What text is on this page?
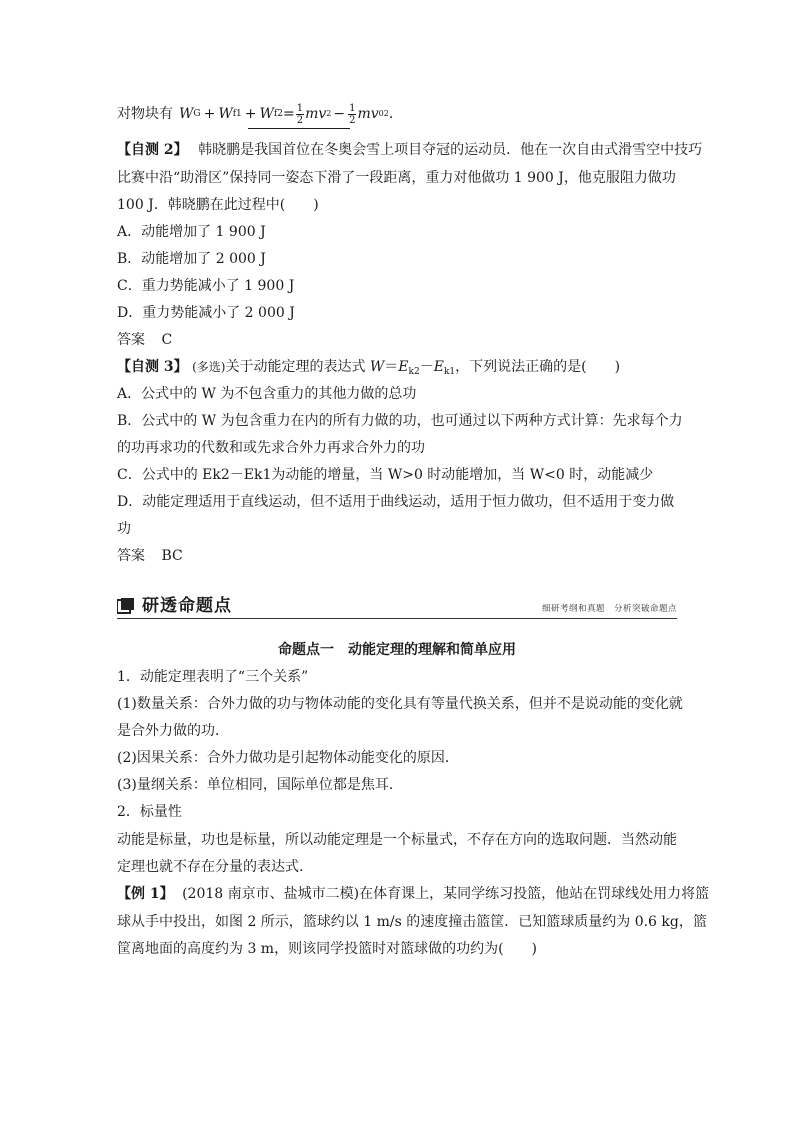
对物块有 W G + W f1 + W $f2 = \frac{1}{2}$ mv $2 - \frac{1}{2}$ mv 0 2 .
【自测 2】 韩晓鹏是我国首位在冬奥会雪上项目夺冠的运动员．他在一次自由式滑雪空中技巧
比赛中沿“助滑区”保持同一姿态下滑了一段距离，重力对他做功 1 900 J，他克服阻力做功
100 J．韩晓鹏在此过程中(　　)
A．动能增加了 1 900 J
B．动能增加了 2 000 J
C．重力势能减小了 1 900 J
D．重力势能减小了 2 000 J
答案 C
【自测 3】 (多选)关于动能定理的表达式 $W=E_{k2}-E_{k1}$，下列说法正确的是(　　)
A．公式中的 W 为不包含重力的其他力做的总功
B．公式中的 W 为包含重力在内的所有力做的功，也可通过以下两种方式计算：先求每个力
的功再求功的代数和或先求合外力再求合外力的功
C．公式中的 Ek2－Ek1为动能的增量，当 W>0 时动能增加，当 W<0 时，动能减少
D．动能定理适用于直线运动，但不适用于曲线运动，适用于恒力做功，但不适用于变力做
功
答案 BC
研透命题点	细研考纲和真题　分析突破命题点
命题点一　动能定理的理解和简单应用
1．动能定理表明了“三个关系”
(1)数量关系：合外力做的功与物体动能的变化具有等量代换关系，但并不是说动能的变化就
是合外力做的功．
(2)因果关系：合外力做功是引起物体动能变化的原因．
(3)量纲关系：单位相同，国际单位都是焦耳．
2．标量性
动能是标量，功也是标量，所以动能定理是一个标量式，不存在方向的选取问题．当然动能
定理也就不存在分量的表达式．
【例 1】 (2018 南京市、盐城市二模)在体育课上，某同学练习投篮，他站在罚球线处用力将篮
球从手中投出，如图 2 所示，篮球约以 1 m/s 的速度撞击篮筐．已知篮球质量约为 0.6 kg，篮
筐离地面的高度约为 3 m，则该同学投篮时对篮球做的功约为(　　)
